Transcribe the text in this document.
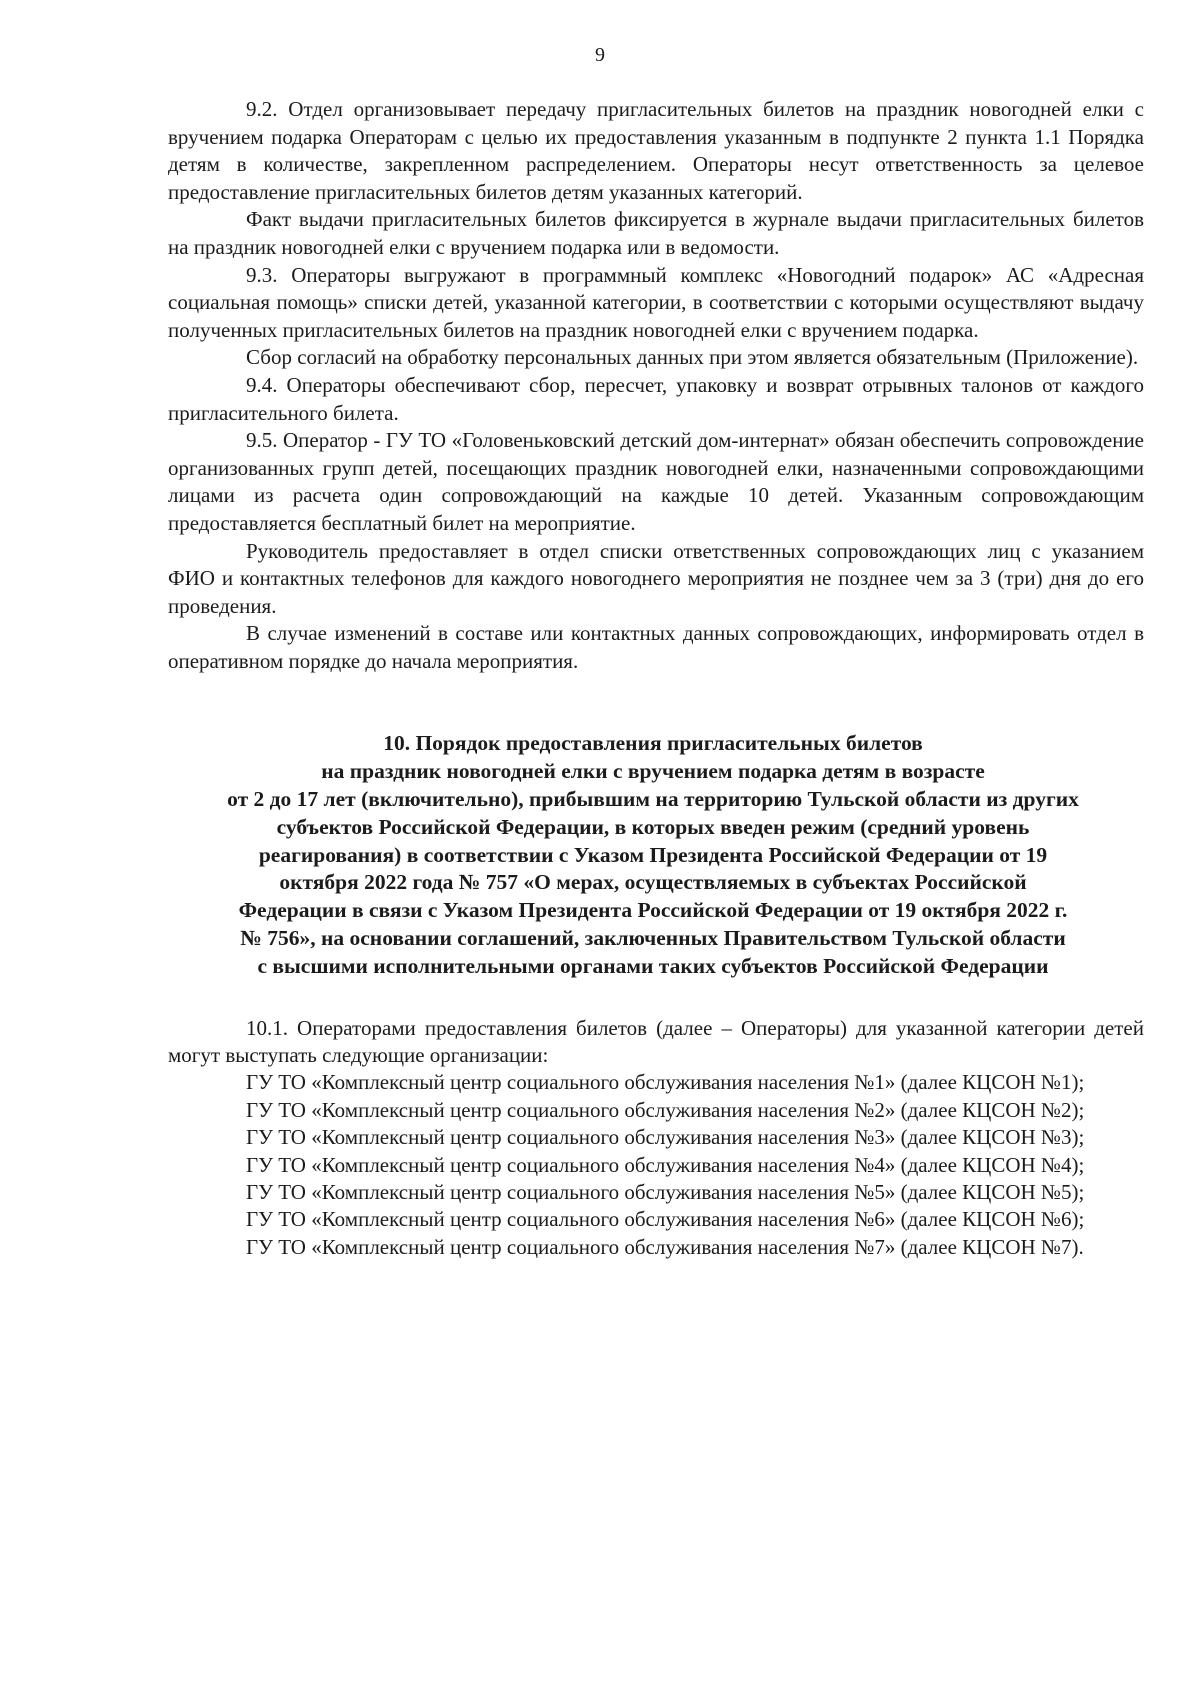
9

9.2. Отдел организовывает передачу пригласительных билетов на праздник новогодней елки с вручением подарка Операторам с целью их предоставления указанным в подпункте 2 пункта 1.1 Порядка детям в количестве, закрепленном распределением. Операторы несут ответственность за целевое предоставление пригласительных билетов детям указанных категорий.

Факт выдачи пригласительных билетов фиксируется в журнале выдачи пригласительных билетов на праздник новогодней елки с вручением подарка или в ведомости.

9.3. Операторы выгружают в программный комплекс «Новогодний подарок» АС «Адресная социальная помощь» списки детей, указанной категории, в соответствии с которыми осуществляют выдачу полученных пригласительных билетов на праздник новогодней елки с вручением подарка.

Сбор согласий на обработку персональных данных при этом является обязательным (Приложение).

9.4. Операторы обеспечивают сбор, пересчет, упаковку и возврат отрывных талонов от каждого пригласительного билета.

9.5. Оператор - ГУ ТО «Головеньковский детский дом-интернат» обязан обеспечить сопровождение организованных групп детей, посещающих праздник новогодней елки, назначенными сопровождающими лицами из расчета один сопровождающий на каждые 10 детей. Указанным сопровождающим предоставляется бесплатный билет на мероприятие.

Руководитель предоставляет в отдел списки ответственных сопровождающих лиц с указанием ФИО и контактных телефонов для каждого новогоднего мероприятия не позднее чем за 3 (три) дня до его проведения.

В случае изменений в составе или контактных данных сопровождающих, информировать отдел в оперативном порядке до начала мероприятия.

10. Порядок предоставления пригласительных билетов
на праздник новогодней елки с вручением подарка детям в возрасте
от 2 до 17 лет (включительно), прибывшим на территорию Тульской области из других
субъектов Российской Федерации, в которых введен режим (средний уровень
реагирования) в соответствии с Указом Президента Российской Федерации от 19
октября 2022 года № 757 «О мерах, осуществляемых в субъектах Российской
Федерации в связи с Указом Президента Российской Федерации от 19 октября 2022 г.
№ 756», на основании соглашений, заключенных Правительством Тульской области
с высшими исполнительными органами таких субъектов Российской Федерации

10.1. Операторами предоставления билетов (далее – Операторы) для указанной категории детей могут выступать следующие организации:

ГУ ТО «Комплексный центр социального обслуживания населения №1» (далее КЦСОН №1);

ГУ ТО «Комплексный центр социального обслуживания населения №2» (далее КЦСОН №2);

ГУ ТО «Комплексный центр социального обслуживания населения №3» (далее КЦСОН №3);

ГУ ТО «Комплексный центр социального обслуживания населения №4» (далее КЦСОН №4);

ГУ ТО «Комплексный центр социального обслуживания населения №5» (далее КЦСОН №5);

ГУ ТО «Комплексный центр социального обслуживания населения №6» (далее КЦСОН №6);

ГУ ТО «Комплексный центр социального обслуживания населения №7» (далее КЦСОН №7).
